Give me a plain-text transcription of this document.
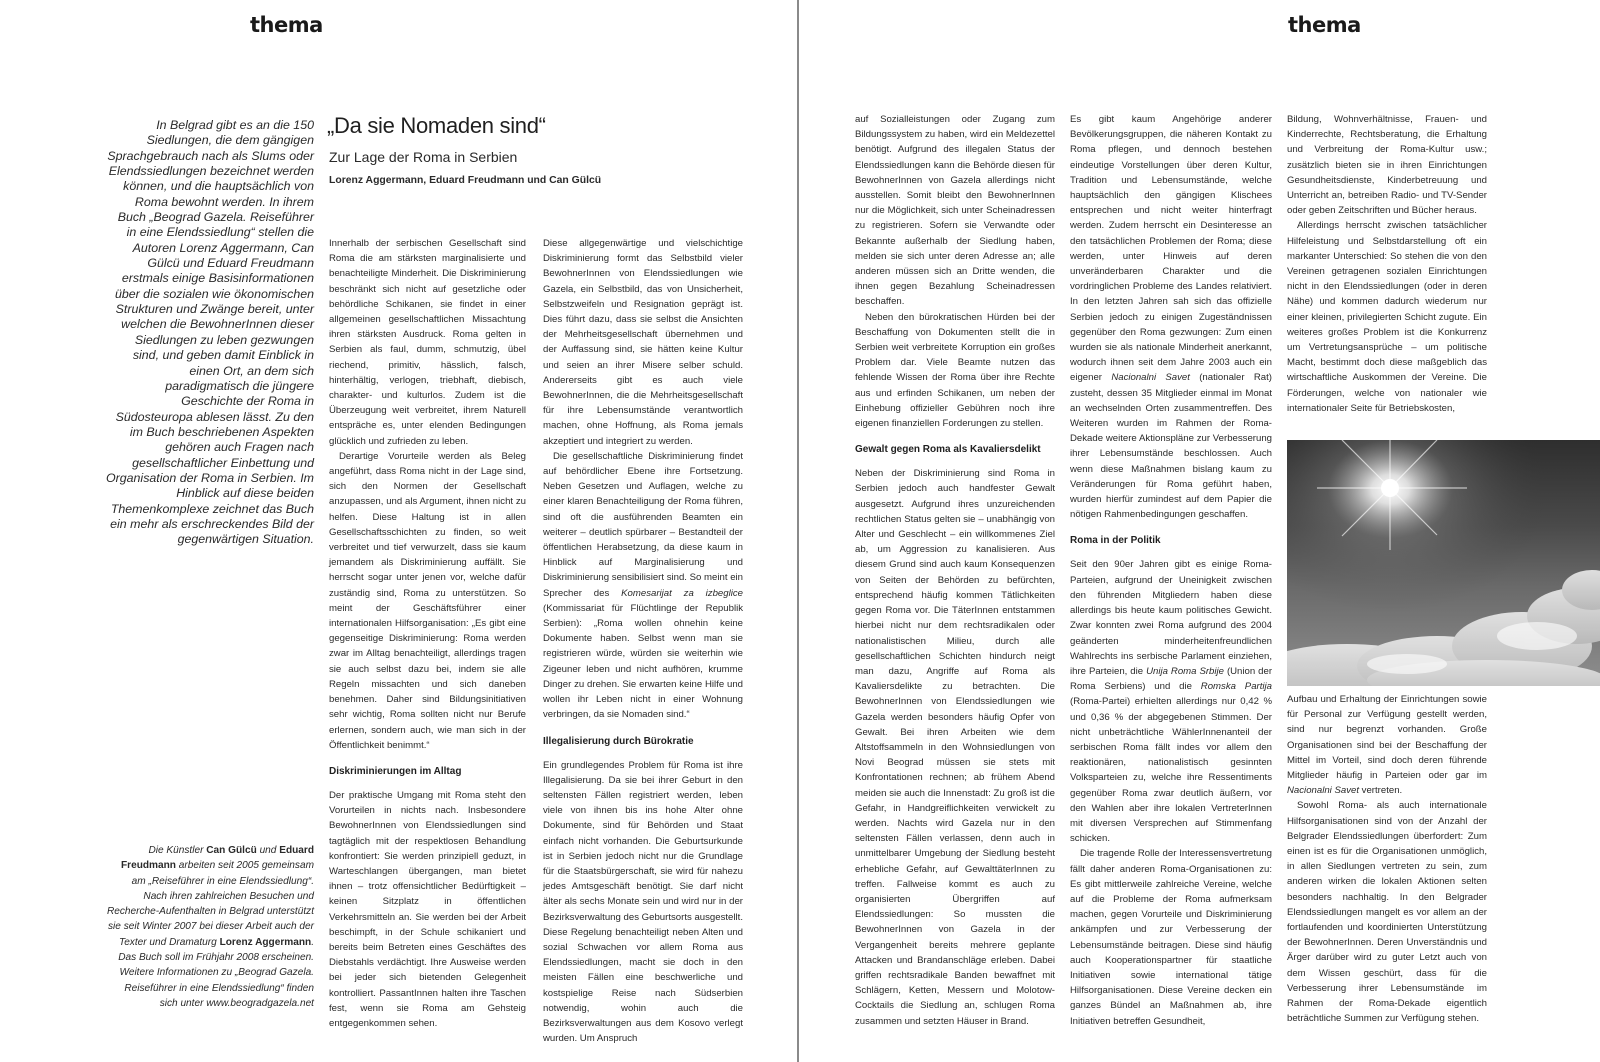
thema
In Belgrad gibt es an die 150 Siedlungen, die dem gängigen Sprachgebrauch nach als Slums oder Elendssiedlungen bezeichnet werden können, und die hauptsächlich von Roma bewohnt werden. In ihrem Buch „Beograd Gazela. Reiseführer in eine Elendssiedlung“ stellen die Autoren Lorenz Aggermann, Can Gülcü und Eduard Freudmann erstmals einige Basisinformationen über die sozialen wie ökonomischen Strukturen und Zwänge bereit, unter welchen die BewohnerInnen dieser Siedlungen zu leben gezwungen sind, und geben damit Einblick in einen Ort, an dem sich paradigmatisch die jüngere Geschichte der Roma in Südosteuropa ablesen lässt. Zu den im Buch beschriebenen Aspekten gehören auch Fragen nach gesellschaftlicher Einbettung und Organisation der Roma in Serbien. Im Hinblick auf diese beiden Themenkomplexe zeichnet das Buch ein mehr als erschreckendes Bild der gegenwärtigen Situation.
Die Künstler Can Gülcü und Eduard Freudmann arbeiten seit 2005 gemeinsam am „Reiseführer in eine Elendssiedlung“. Nach ihren zahlreichen Besuchen und Recherche-Aufenthalten in Belgrad unterstützt sie seit Winter 2007 bei dieser Arbeit auch der Texter und Dramaturg Lorenz Aggermann. Das Buch soll im Frühjahr 2008 erscheinen. Weitere Informationen zu „Beograd Gazela. Reiseführer in eine Elendssiedlung“ finden sich unter www.beogradgazela.net
„Da sie Nomaden sind“
Zur Lage der Roma in Serbien
Lorenz Aggermann, Eduard Freudmann und Can Gülcü

Innerhalb der serbischen Gesellschaft sind Roma die am stärksten marginalisierte und benachteiligte Minderheit. Die Diskriminierung beschränkt sich nicht auf gesetzliche oder behördliche Schikanen, sie findet in einer allgemeinen gesellschaftlichen Missachtung ihren stärksten Ausdruck. Roma gelten in Serbien als faul, dumm, schmutzig, übel riechend, primitiv, hässlich, falsch, hinterhältig, verlogen, triebhaft, diebisch, charakter- und kulturlos. Zudem ist die Überzeugung weit verbreitet, ihrem Naturell entspräche es, unter elenden Bedingungen glücklich und zufrieden zu leben.

Derartige Vorurteile werden als Beleg angeführt, dass Roma nicht in der Lage sind, sich den Normen der Gesellschaft anzupassen, und als Argument, ihnen nicht zu helfen. Diese Haltung ist in allen Gesellschaftsschichten zu finden, so weit verbreitet und tief verwurzelt, dass sie kaum jemandem als Diskriminierung auffällt. Sie herrscht sogar unter jenen vor, welche dafür zuständig sind, Roma zu unterstützen. So meint der Geschäftsführer einer internationalen Hilfsorganisation: „Es gibt eine gegenseitige Diskriminierung: Roma werden zwar im Alltag benachteiligt, allerdings tragen sie auch selbst dazu bei, indem sie alle Regeln missachten und sich daneben benehmen. Daher sind Bildungsinitiativen sehr wichtig, Roma sollten nicht nur Berufe erlernen, sondern auch, wie man sich in der Öffentlichkeit benimmt.“

Diskriminierungen im Alltag

Der praktische Umgang mit Roma steht den Vorurteilen in nichts nach. Insbesondere BewohnerInnen von Elendssiedlungen sind tagtäglich mit der respektlosen Behandlung konfrontiert: Sie werden prinzipiell geduzt, in Warteschlangen übergangen, man bietet ihnen – trotz offensichtlicher Bedürftigkeit – keinen Sitzplatz in öffentlichen Verkehrsmitteln an. Sie werden bei der Arbeit beschimpft, in der Schule schikaniert und bereits beim Betreten eines Geschäftes des Diebstahls verdächtigt. Ihre Ausweise werden bei jeder sich bietenden Gelegenheit kontrolliert. PassantInnen halten ihre Taschen fest, wenn sie Roma am Gehsteig entgegenkommen sehen.

Diese allgegenwärtige und vielschichtige Diskriminierung formt das Selbstbild vieler BewohnerInnen von Elendssiedlungen wie Gazela, ein Selbstbild, das von Unsicherheit, Selbstzweifeln und Resignation geprägt ist. Dies führt dazu, dass sie selbst die Ansichten der Mehrheitsgesellschaft übernehmen und der Auffassung sind, sie hätten keine Kultur und seien an ihrer Misere selber schuld. Andererseits gibt es auch viele BewohnerInnen, die die Mehrheitsgesellschaft für ihre Lebensumstände verantwortlich machen, ohne Hoffnung, als Roma jemals akzeptiert und integriert zu werden.

Die gesellschaftliche Diskriminierung findet auf behördlicher Ebene ihre Fortsetzung. Neben Gesetzen und Auflagen, welche zu einer klaren Benachteiligung der Roma führen, sind oft die ausführenden Beamten ein weiterer – deutlich spürbarer – Bestandteil der öffentlichen Herabsetzung, da diese kaum in Hinblick auf Marginalisierung und Diskriminierung sensibilisiert sind. So meint ein Sprecher des Komesarijat za izbeglice (Kommissariat für Flüchtlinge der Republik Serbien): „Roma wollen ohnehin keine Dokumente haben. Selbst wenn man sie registrieren würde, würden sie weiterhin wie Zigeuner leben und nicht aufhören, krumme Dinger zu drehen. Sie erwarten keine Hilfe und wollen ihr Leben nicht in einer Wohnung verbringen, da sie Nomaden sind.“

Illegalisierung durch Bürokratie

Ein grundlegendes Problem für Roma ist ihre Illegalisierung. Da sie bei ihrer Geburt in den seltensten Fällen registriert werden, leben viele von ihnen bis ins hohe Alter ohne Dokumente, sind für Behörden und Staat einfach nicht vorhanden. Die Geburtsurkunde ist in Serbien jedoch nicht nur die Grundlage für die Staatsbürgerschaft, sie wird für nahezu jedes Amtsgeschäft benötigt. Sie darf nicht älter als sechs Monate sein und wird nur in der Bezirksverwaltung des Geburtsorts ausgestellt. Diese Regelung benachteiligt neben Alten und sozial Schwachen vor allem Roma aus Elendssiedlungen, macht sie doch in den meisten Fällen eine beschwerliche und kostspielige Reise nach Südserbien notwendig, wohin auch die Bezirksverwaltungen aus dem Kosovo verlegt wurden. Um Anspruch

thema

auf Sozialleistungen oder Zugang zum Bildungssystem zu haben, wird ein Meldezettel benötigt. Aufgrund des illegalen Status der Elendssiedlungen kann die Behörde diesen für BewohnerInnen von Gazela allerdings nicht ausstellen. Somit bleibt den BewohnerInnen nur die Möglichkeit, sich unter Scheinadressen zu registrieren. Sofern sie Verwandte oder Bekannte außerhalb der Siedlung haben, melden sie sich unter deren Adresse an; alle anderen müssen sich an Dritte wenden, die ihnen gegen Bezahlung Scheinadressen beschaffen.

Neben den bürokratischen Hürden bei der Beschaffung von Dokumenten stellt die in Serbien weit verbreitete Korruption ein großes Problem dar. Viele Beamte nutzen das fehlende Wissen der Roma über ihre Rechte aus und erfinden Schikanen, um neben der Einhebung offizieller Gebühren noch ihre eigenen finanziellen Forderungen zu stellen.

Gewalt gegen Roma als Kavaliersdelikt

Neben der Diskriminierung sind Roma in Serbien jedoch auch handfester Gewalt ausgesetzt. Aufgrund ihres unzureichenden rechtlichen Status gelten sie – unabhängig von Alter und Geschlecht – ein willkommenes Ziel ab, um Aggression zu kanalisieren. Aus diesem Grund sind auch kaum Konsequenzen von Seiten der Behörden zu befürchten, entsprechend häufig kommen Tätlichkeiten gegen Roma vor. Die TäterInnen entstammen hierbei nicht nur dem rechtsradikalen oder nationalistischen Milieu, durch alle gesellschaftlichen Schichten hindurch neigt man dazu, Angriffe auf Roma als Kavaliersdelikte zu betrachten. Die BewohnerInnen von Elendssiedlungen wie Gazela werden besonders häufig Opfer von Gewalt. Bei ihren Arbeiten wie dem Altstoffsammeln in den Wohnsiedlungen von Novi Beograd müssen sie stets mit Konfrontationen rechnen; ab frühem Abend meiden sie auch die Innenstadt: Zu groß ist die Gefahr, in Handgreiflichkeiten verwickelt zu werden. Nachts wird Gazela nur in den seltensten Fällen verlassen, denn auch in unmittelbarer Umgebung der Siedlung besteht erhebliche Gefahr, auf GewalttäterInnen zu treffen. Fallweise kommt es auch zu organisierten Übergriffen auf Elendssiedlungen: So mussten die BewohnerInnen von Gazela in der Vergangenheit bereits mehrere geplante Attacken und Brandanschläge erleben. Dabei griffen rechtsradikale Banden bewaffnet mit Schlägern, Ketten, Messern und Molotow-Cocktails die Siedlung an, schlugen Roma zusammen und setzten Häuser in Brand.

Es gibt kaum Angehörige anderer Bevölkerungsgruppen, die näheren Kontakt zu Roma pflegen, und dennoch bestehen eindeutige Vorstellungen über deren Kultur, Tradition und Lebensumstände, welche hauptsächlich den gängigen Klischees entsprechen und nicht weiter hinterfragt werden. Zudem herrscht ein Desinteresse an den tatsächlichen Problemen der Roma; diese werden, unter Hinweis auf deren unveränderbaren Charakter und die vordringlichen Probleme des Landes relativiert. In den letzten Jahren sah sich das offizielle Serbien jedoch zu einigen Zugeständnissen gegenüber den Roma gezwungen: Zum einen wurden sie als nationale Minderheit anerkannt, wodurch ihnen seit dem Jahre 2003 auch ein eigener Nacionalni Savet (nationaler Rat) zusteht, dessen 35 Mitglieder einmal im Monat an wechselnden Orten zusammentreffen. Des Weiteren wurden im Rahmen der Roma-Dekade weitere Aktionspläne zur Verbesserung ihrer Lebensumstände beschlossen. Auch wenn diese Maßnahmen bislang kaum zu Veränderungen für Roma geführt haben, wurden hierfür zumindest auf dem Papier die nötigen Rahmenbedingungen geschaffen.

Roma in der Politik

Seit den 90er Jahren gibt es einige Roma-Parteien, aufgrund der Uneinigkeit zwischen den führenden Mitgliedern haben diese allerdings bis heute kaum politisches Gewicht. Zwar konnten zwei Roma aufgrund des 2004 geänderten minderheitenfreundlichen Wahlrechts ins serbische Parlament einziehen, ihre Parteien, die Unija Roma Srbije (Union der Roma Serbiens) und die Romska Partija (Roma-Partei) erhielten allerdings nur 0,42 % und 0,36 % der abgegebenen Stimmen. Der nicht unbeträchtliche WählerInnenanteil der serbischen Roma fällt indes vor allem den reaktionären, nationalistisch gesinnten Volksparteien zu, welche ihre Ressentiments gegenüber Roma zwar deutlich äußern, vor den Wahlen aber ihre lokalen VertreterInnen mit diversen Versprechen auf Stimmenfang schicken.

Die tragende Rolle der Interessensvertretung fällt daher anderen Roma-Organisationen zu: Es gibt mittlerweile zahlreiche Vereine, welche auf die Probleme der Roma aufmerksam machen, gegen Vorurteile und Diskriminierung ankämpfen und zur Verbesserung der Lebensumstände beitragen. Diese sind häufig auch Kooperationspartner für staatliche Initiativen sowie international tätige Hilfsorganisationen. Diese Vereine decken ein ganzes Bündel an Maßnahmen ab, ihre Initiativen betreffen Gesundheit,

Bildung, Wohnverhältnisse, Frauen- und Kinderrechte, Rechtsberatung, die Erhaltung und Verbreitung der Roma-Kultur usw.; zusätzlich bieten sie in ihren Einrichtungen Gesundheitsdienste, Kinderbetreuung und Unterricht an, betreiben Radio- und TV-Sender oder geben Zeitschriften und Bücher heraus.

Allerdings herrscht zwischen tatsächlicher Hilfeleistung und Selbstdarstellung oft ein markanter Unterschied: So stehen die von den Vereinen getragenen sozialen Einrichtungen nicht in den Elendssiedlungen (oder in deren Nähe) und kommen dadurch wiederum nur einer kleinen, privilegierten Schicht zugute. Ein weiteres großes Problem ist die Konkurrenz um Vertretungsansprüche – um politische Macht, bestimmt doch diese maßgeblich das wirtschaftliche Auskommen der Vereine. Die Förderungen, welche von nationaler wie internationaler Seite für Betriebskosten,

Aufbau und Erhaltung der Einrichtungen sowie für Personal zur Verfügung gestellt werden, sind nur begrenzt vorhanden. Große Organisationen sind bei der Beschaffung der Mittel im Vorteil, sind doch deren führende Mitglieder häufig in Parteien oder gar im Nacionalni Savet vertreten.

Sowohl Roma- als auch internationale Hilfsorganisationen sind von der Anzahl der Belgrader Elendssiedlungen überfordert: Zum einen ist es für die Organisationen unmöglich, in allen Siedlungen vertreten zu sein, zum anderen wirken die lokalen Aktionen selten besonders nachhaltig. In den Belgrader Elendssiedlungen mangelt es vor allem an der fortlaufenden und koordinierten Unterstützung der BewohnerInnen. Deren Unverständnis und Ärger darüber wird zu guter Letzt auch von dem Wissen geschürt, dass für die Verbesserung ihrer Lebensumstände im Rahmen der Roma-Dekade eigentlich beträchtliche Summen zur Verfügung stehen.
